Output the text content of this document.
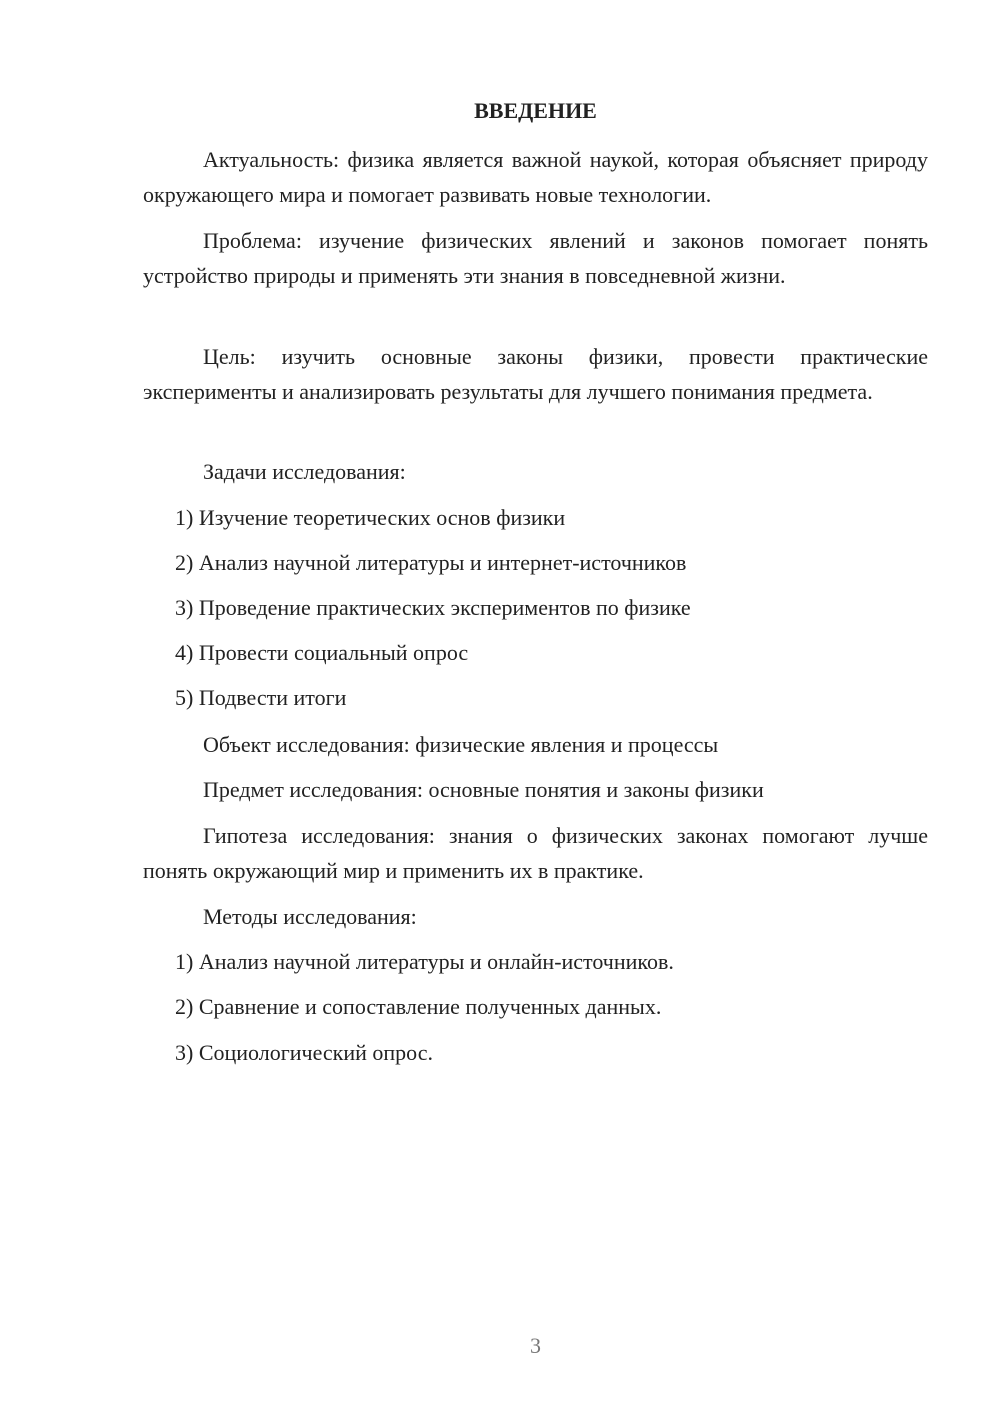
ВВЕДЕНИЕ

Актуальность: физика является важной наукой, которая объясняет природу окружающего мира и помогает развивать новые технологии.

Проблема: изучение физических явлений и законов помогает понять устройство природы и применять эти знания в повседневной жизни.

Цель: изучить основные законы физики, провести практические эксперименты и анализировать результаты для лучшего понимания предмета.

Задачи исследования:

1) Изучение теоретических основ физики

2) Анализ научной литературы и интернет-источников

3) Проведение практических экспериментов по физике

4) Провести социальный опрос

5) Подвести итоги

Объект исследования: физические явления и процессы

Предмет исследования: основные понятия и законы физики

Гипотеза исследования: знания о физических законах помогают лучше понять окружающий мир и применить их в практике.

Методы исследования:

1) Анализ научной литературы и онлайн-источников.

2) Сравнение и сопоставление полученных данных.

3) Социологический опрос.

3
